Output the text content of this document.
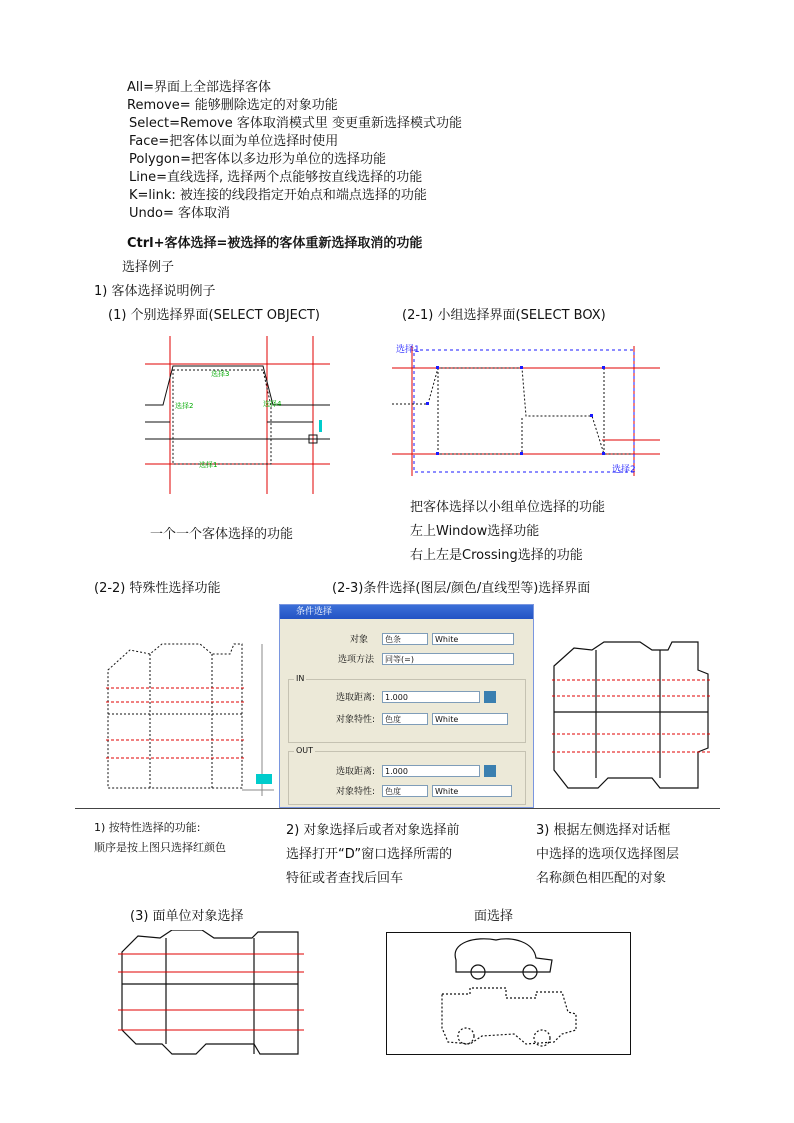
All=界面上全部选择客体
Remove= 能够删除选定的对象功能
Select=Remove 客体取消模式里 变更重新选择模式功能
Face=把客体以面为单位选择时使用
Polygon=把客体以多边形为单位的选择功能
Line=直线选择, 选择两个点能够按直线选择的功能
K=link: 被连接的线段指定开始点和端点选择的功能
Undo= 客体取消
Ctrl+客体选择=被选择的客体重新选择取消的功能
选择例子
1) 客体选择说明例子
(1) 个别选择界面(SELECT OBJECT)	(2-1) 小组选择界面(SELECT BOX)
选择3
选择2	选择4
选择1
选择1
选择2
把客体选择以小组单位选择的功能
左上Window选择功能
右上左是Crossing选择的功能
一个一个客体选择的功能
(2-2) 特殊性选择功能	(2-3)条件选择(图层/颜色/直线型等)选择界面
条件选择
对象	色条	White
选项方法	同等(=)
IN
选取距离:	1.000
对象特性:	色度	White
OUT
选取距离:	1.000
对象特性:	色度	White
1) 按特性选择的功能:
顺序是按上图只选择红颜色
2) 对象选择后或者对象选择前
选择打开“D”窗口选择所需的
特征或者查找后回车
3) 根据左侧选择对话框
中选择的选项仅选择图层
名称颜色相匹配的对象
(3) 面单位对象选择	面选择
